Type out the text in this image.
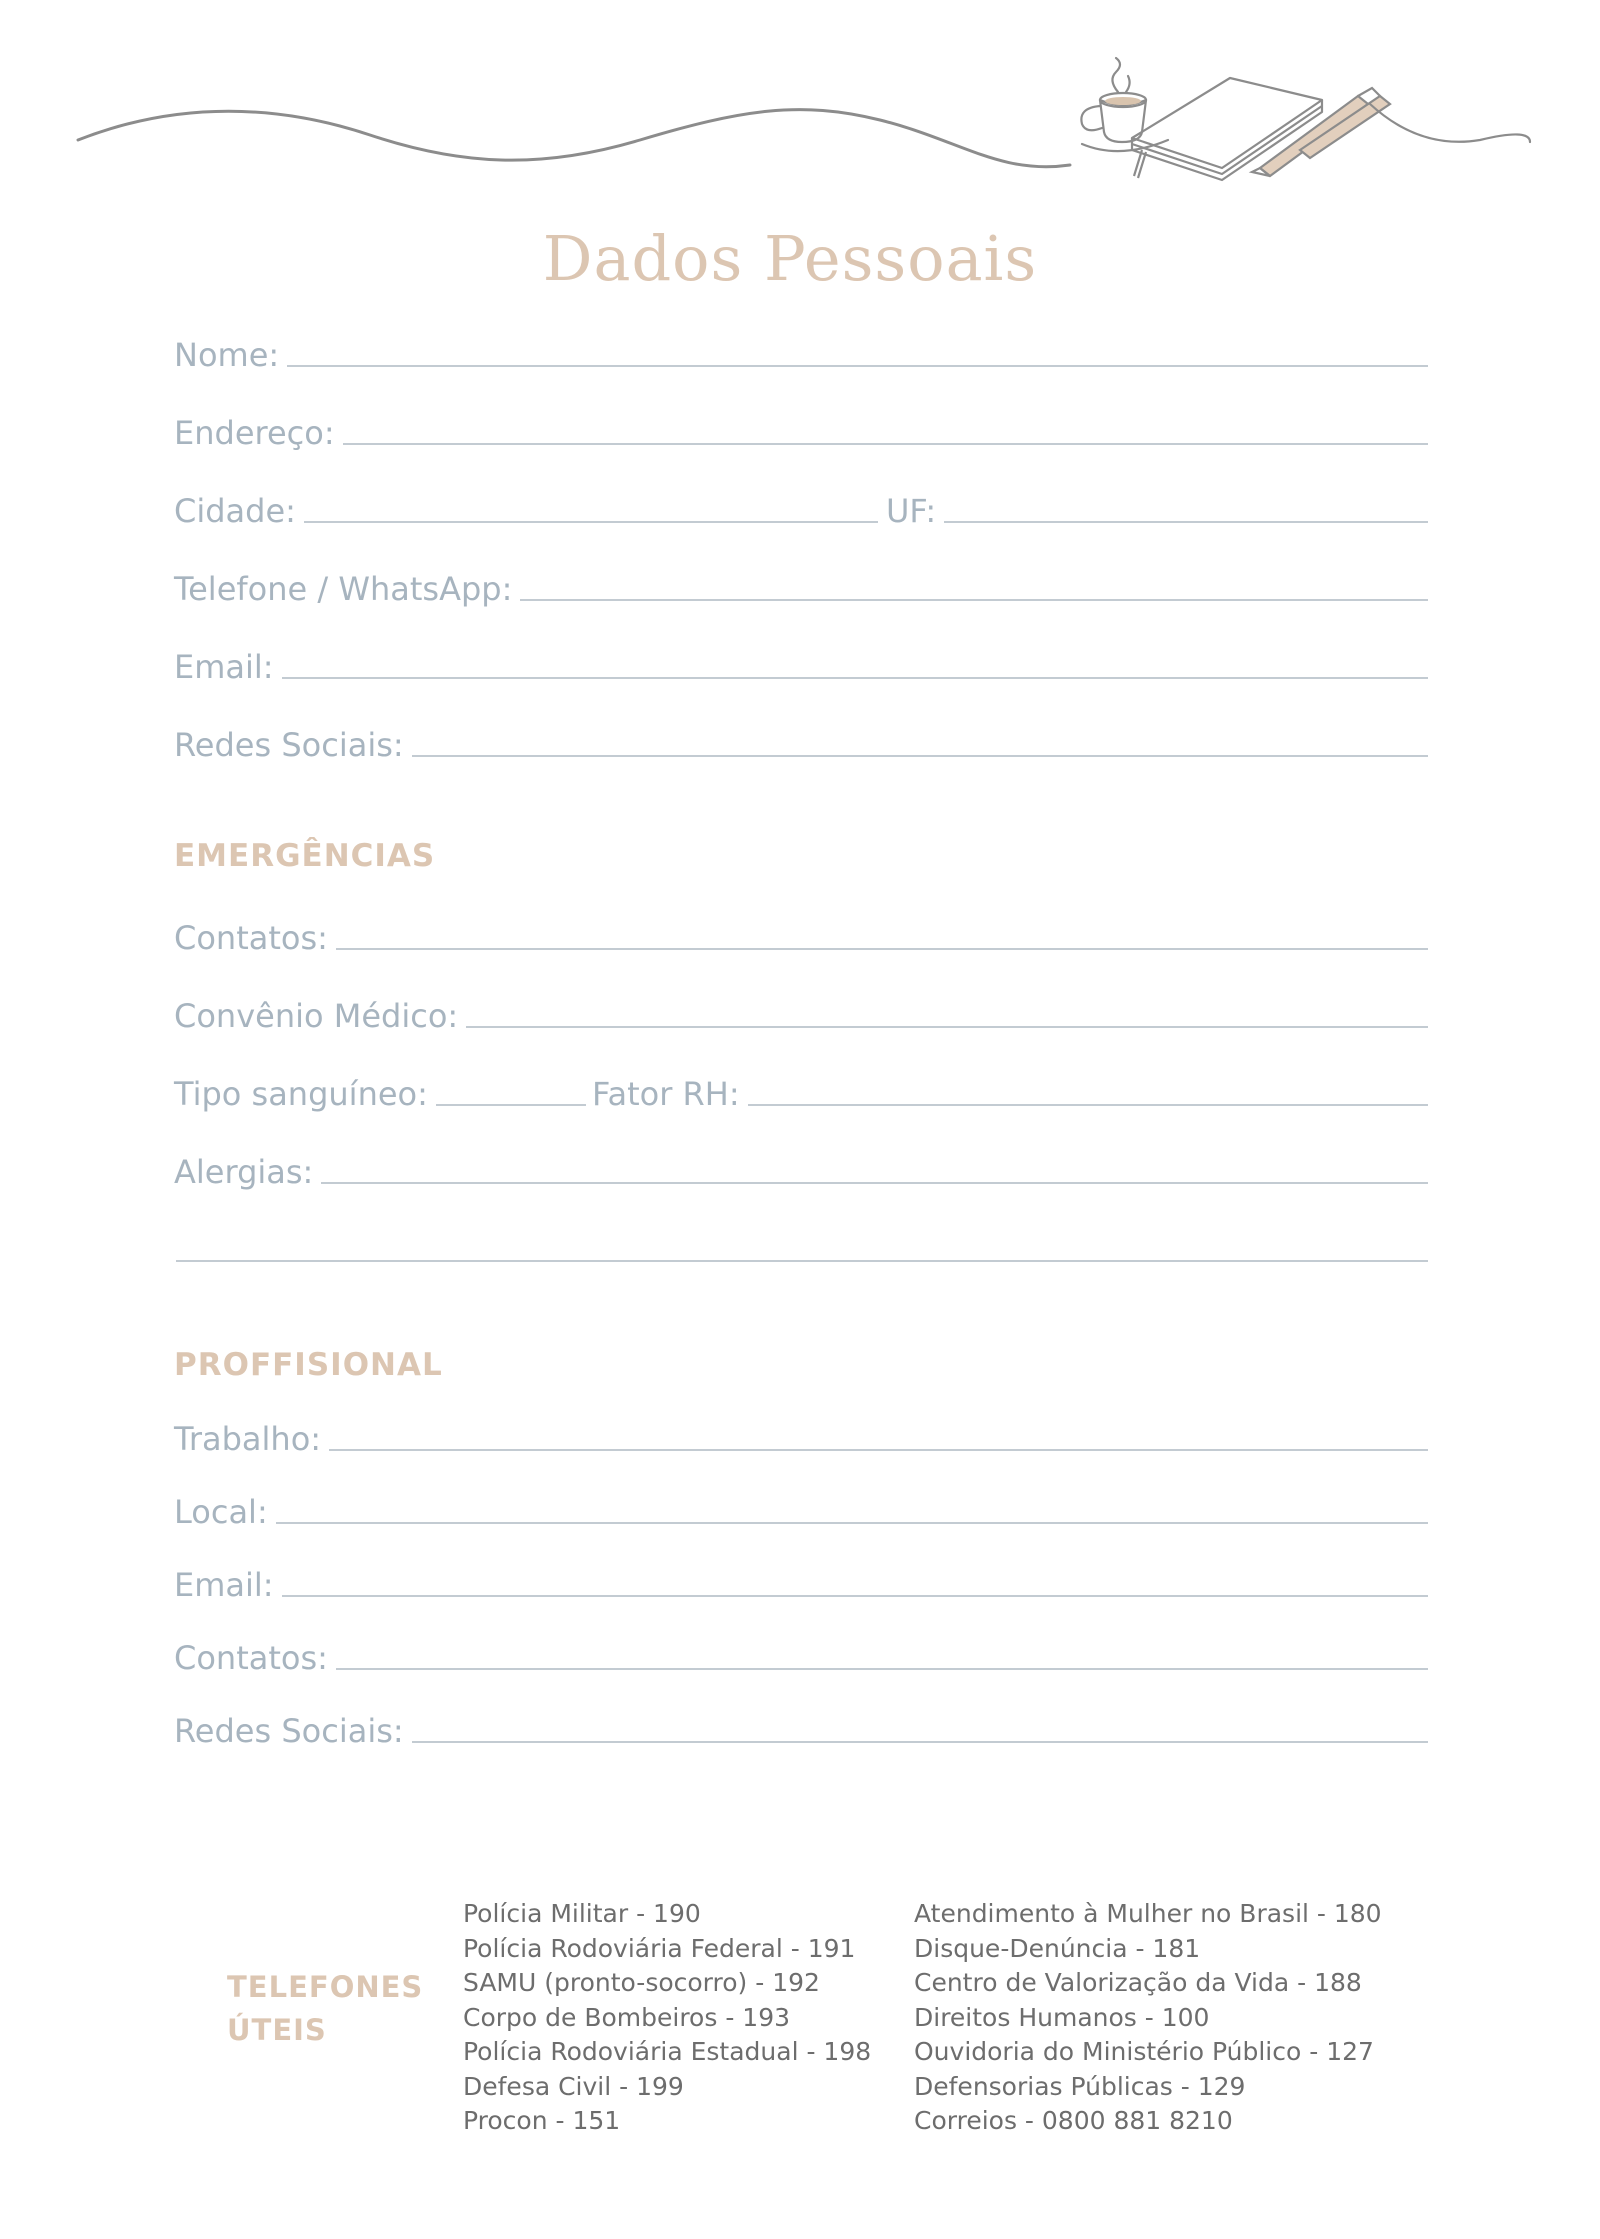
Dados Pessoais
Nome:
Endereço:
Cidade:	UF:
Telefone / WhatsApp:
Email:
Redes Sociais:
EMERGÊNCIAS
Contatos:
Convênio Médico:
Tipo sanguíneo:	Fator RH:
Alergias:
PROFFISIONAL
Trabalho:
Local:
Email:
Contatos:
Redes Sociais:
TELEFONES
ÚTEIS
Polícia Militar - 190
Polícia Rodoviária Federal - 191
SAMU (pronto-socorro) - 192
Corpo de Bombeiros - 193
Polícia Rodoviária Estadual - 198
Defesa Civil - 199
Procon - 151
Atendimento à Mulher no Brasil - 180
Disque-Denúncia - 181
Centro de Valorização da Vida - 188
Direitos Humanos - 100
Ouvidoria do Ministério Público - 127
Defensorias Públicas - 129
Correios - 0800 881 8210
